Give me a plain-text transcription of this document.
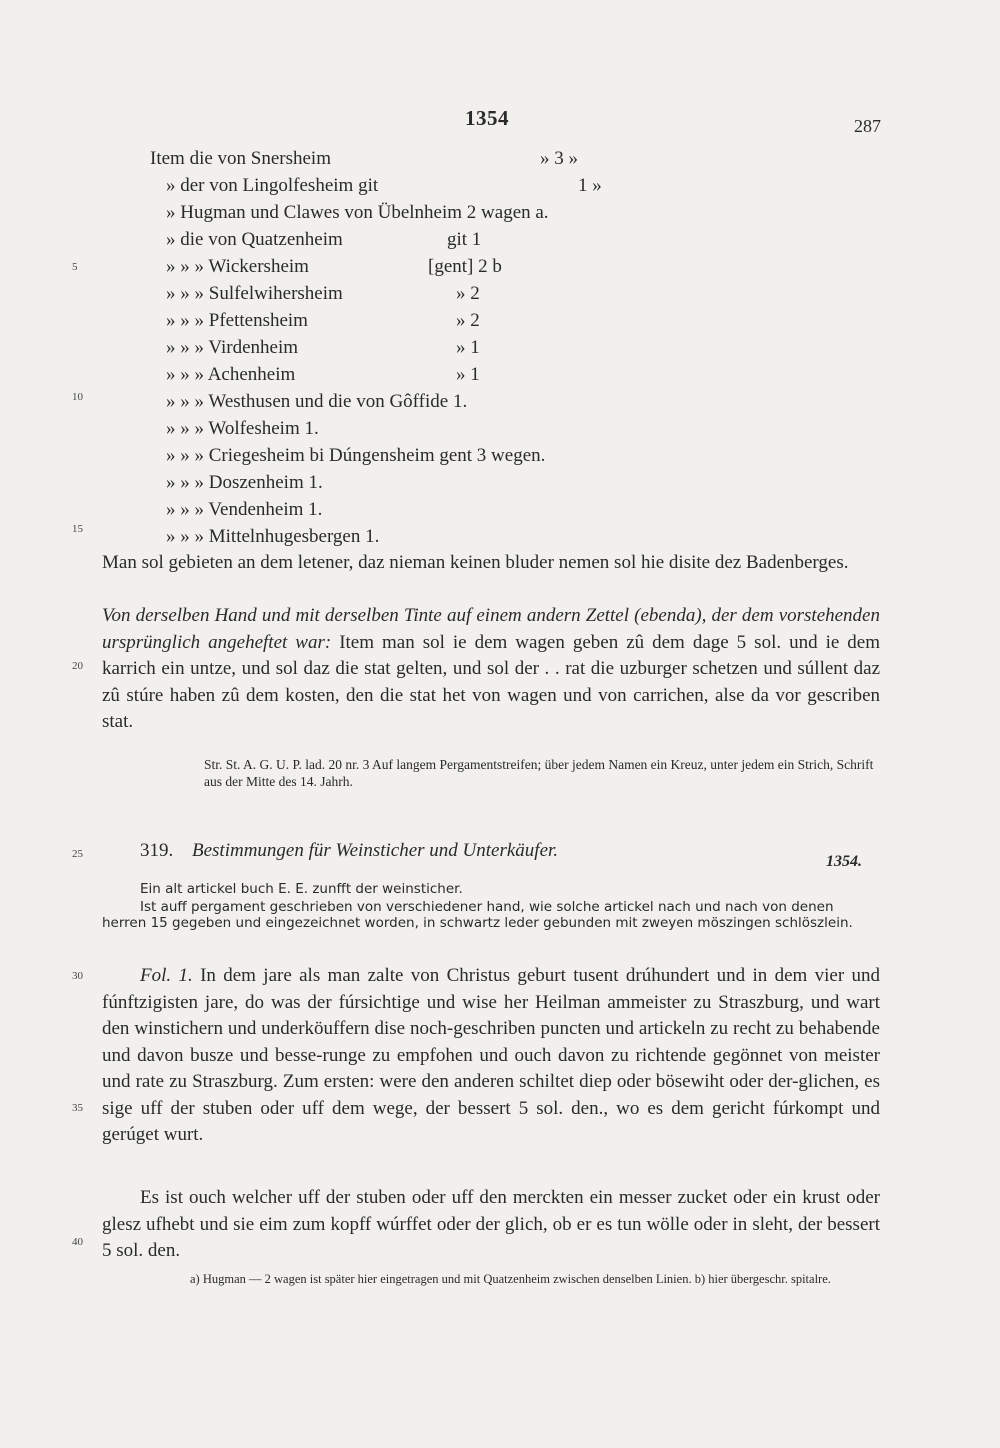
1354	287
5
10
15
20
25
30
35
40
Item die von Snersheim	» 3 »
» der von Lingolfesheim git	1 »
» Hugman und Clawes von Übelnheim 2 wagen a.
» die von Quatzenheim	git 1
» » » Wickersheim	[gent] 2 b
» » » Sulfelwihersheim	» 2
» » » Pfettensheim	» 2
» » » Virdenheim	» 1
» » » Achenheim	» 1
» » » Westhusen und die von Gôffide 1.
» » » Wolfesheim 1.
» » » Criegesheim bi Dúngensheim gent 3 wegen.
» » » Doszenheim 1.
» » » Vendenheim 1.
» » » Mittelnhugesbergen 1.
Man sol gebieten an dem letener, daz nieman keinen bluder nemen sol hie disite dez Badenberges.
Von derselben Hand und mit derselben Tinte auf einem andern Zettel (ebenda), der dem vorstehenden ursprünglich angeheftet war: Item man sol ie dem wagen geben zû dem dage 5 sol. und ie dem karrich ein untze, und sol daz die stat gelten, und sol der . . rat die uzburger schetzen und súllent daz zû stúre haben zû dem kosten, den die stat het von wagen und von carrichen, alse da vor gescriben stat.
Str. St. A. G. U. P. lad. 20 nr. 3 Auf langem Pergamentstreifen; über jedem Namen ein Kreuz, unter jedem ein Strich, Schrift aus der Mitte des 14. Jahrh.
319. Bestimmungen für Weinsticher und Unterkäufer.
1354.
Ein alt artickel buch E. E. zunfft der weinsticher.
Ist auff pergament geschrieben von verschiedener hand, wie solche artickel nach und nach von denen herren 15 gegeben und eingezeichnet worden, in schwartz leder gebunden mit zweyen möszingen schlöszlein.
Fol. 1. In dem jare als man zalte von Christus geburt tusent drúhundert und in dem vier und fúnftzigisten jare, do was der fúrsichtige und wise her Heilman ammeister zu Straszburg, und wart den winstichern und underköuffern dise noch-geschriben puncten und artickeln zu recht zu behabende und davon busze und besse-runge zu empfohen und ouch davon zu richtende gegönnet von meister und rate zu Straszburg. Zum ersten: were den anderen schiltet diep oder bösewiht oder der-glichen, es sige uff der stuben oder uff dem wege, der bessert 5 sol. den., wo es dem gericht fúrkompt und gerúget wurt.
Es ist ouch welcher uff der stuben oder uff den merckten ein messer zucket oder ein krust oder glesz ufhebt und sie eim zum kopff wúrffet oder der glich, ob er es tun wölle oder in sleht, der bessert 5 sol. den.
a) Hugman — 2 wagen ist später hier eingetragen und mit Quatzenheim zwischen denselben Linien. b) hier übergeschr. spitalre.
